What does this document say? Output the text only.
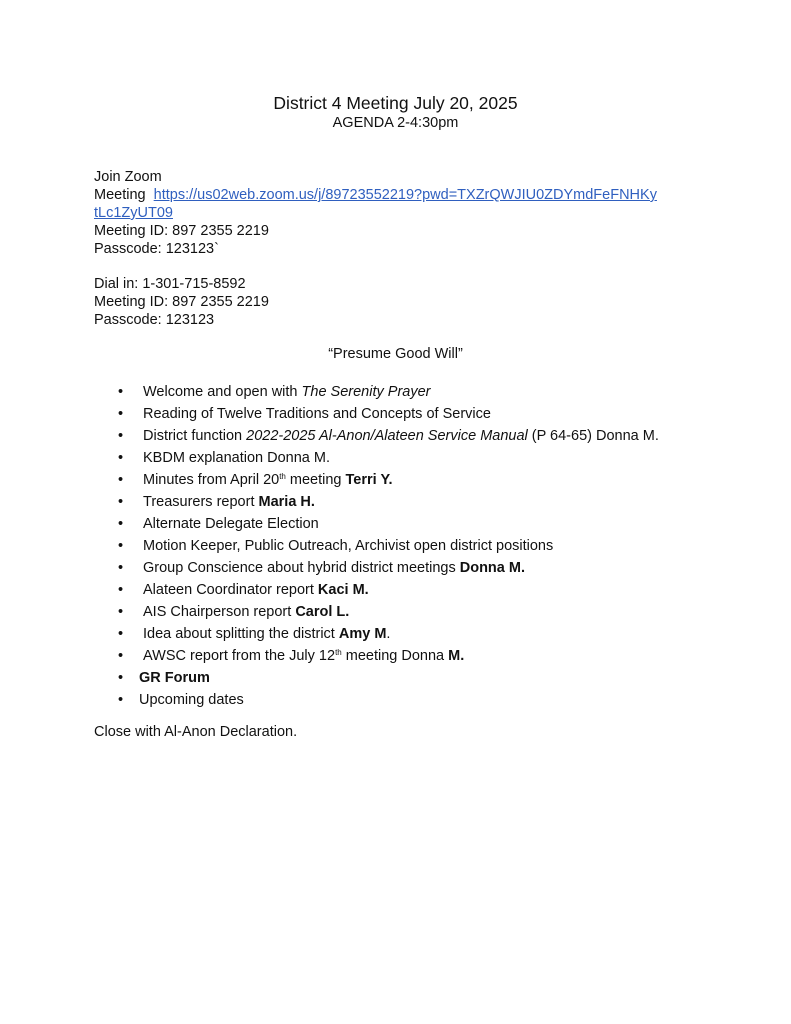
District 4 Meeting July 20, 2025
AGENDA 2-4:30pm
Join Zoom
Meeting https://us02web.zoom.us/j/89723552219?pwd=TXZrQWJIU0ZDYmdFeFNHKy
tLc1ZyUT09
Meeting ID: 897 2355 2219
Passcode: 123123`
Dial in: 1-301-715-8592
Meeting ID: 897 2355 2219
Passcode: 123123
“Presume Good Will”
• Welcome and open with The Serenity Prayer
• Reading of Twelve Traditions and Concepts of Service
• District function 2022-2025 Al-Anon/Alateen Service Manual (P 64-65) Donna M.
• KBDM explanation Donna M.
• Minutes from April 20th meeting Terri Y.
• Treasurers report Maria H.
• Alternate Delegate Election
• Motion Keeper, Public Outreach, Archivist open district positions
• Group Conscience about hybrid district meetings Donna M.
• Alateen Coordinator report Kaci M.
• AIS Chairperson report Carol L.
• Idea about splitting the district Amy M.
• AWSC report from the July 12th meeting Donna M.
• GR Forum
• Upcoming dates
Close with Al-Anon Declaration.
